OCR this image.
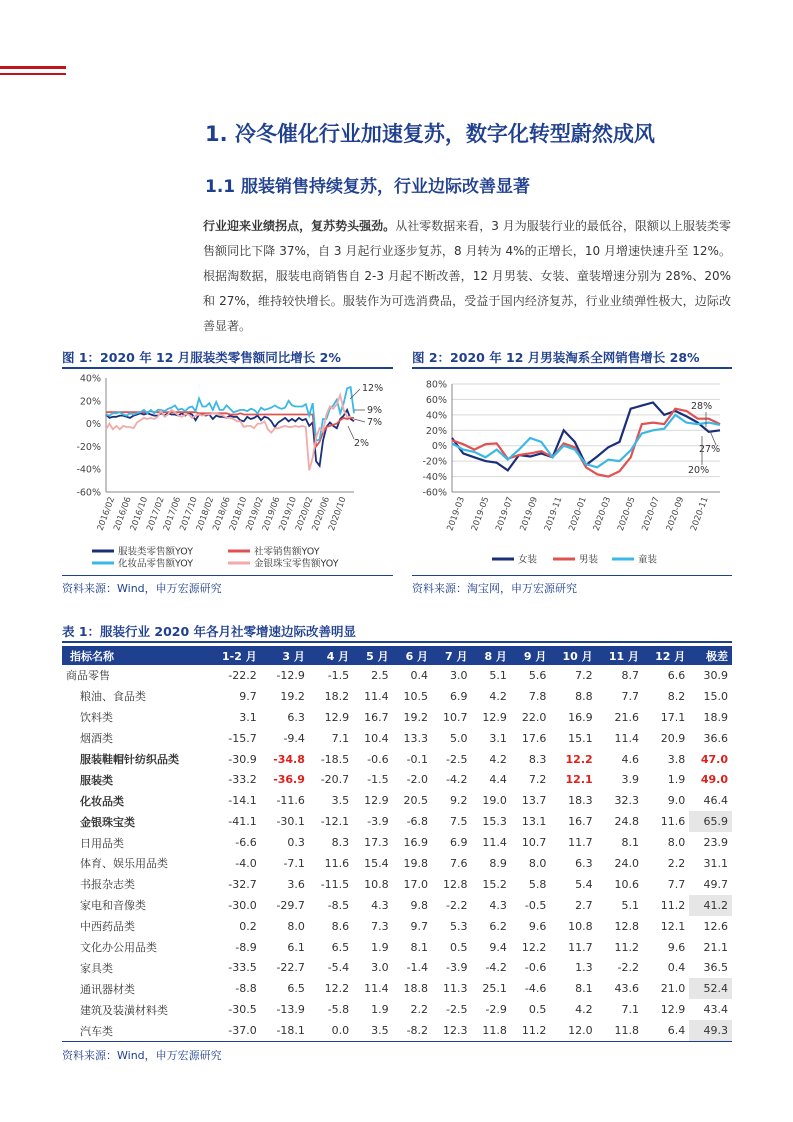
1. 冷冬催化行业加速复苏，数字化转型蔚然成风
1.1 服装销售持续复苏，行业边际改善显著
行业迎来业绩拐点，复苏势头强劲。从社零数据来看，3 月为服装行业的最低谷，限额以上服装类零售额同比下降 37%，自 3 月起行业逐步复苏，8 月转为 4%的正增长，10 月增速快速升至 12%。根据淘数据，服装电商销售自 2-3 月起不断改善，12 月男装、女装、童装增速分别为 28%、20%和 27%，维持较快增长。服装作为可选消费品，受益于国内经济复苏，行业业绩弹性极大，边际改善显著。
图 1：2020 年 12 月服装类零售额同比增长 2%
40%
20%
0%
-20%
-40%
-60%
2016/02
2016/06
2016/10
2017/02
2017/06
2017/10
2018/02
2018/06
2018/10
2019/02
2019/06
2019/10
2020/02
2020/06
2020/10
12%
9%
7%
2%
服装类零售额YOY	社零销售额YOY
化妆品零售额YOY	金银珠宝零售额YOY
资料来源：Wind，申万宏源研究
图 2：2020 年 12 月男装淘系全网销售增长 28%
80%
60%
40%
20%
0%
-20%
-40%
-60%
2019-03 2019-05 2019-07 2019-09 2019-11 2020-01 2020-03 2020-05 2020-07 2020-09 2020-11
28%
27%
20%
女装	男装	童装
资料来源：淘宝网，申万宏源研究
表 1：服装行业 2020 年各月社零增速边际改善明显
指标名称	1-2 月	3 月	4 月	5 月	6 月	7 月	8 月	9 月	10 月	11 月	12 月	极差
商品零售	-22.2	-12.9	-1.5	2.5	0.4	3.0	5.1	5.6	7.2	8.7	6.6	30.9
粮油、食品类	9.7	19.2	18.2	11.4	10.5	6.9	4.2	7.8	8.8	7.7	8.2	15.0
饮料类	3.1	6.3	12.9	16.7	19.2	10.7	12.9	22.0	16.9	21.6	17.1	18.9
烟酒类	-15.7	-9.4	7.1	10.4	13.3	5.0	3.1	17.6	15.1	11.4	20.9	36.6
服装鞋帽针纺织品类	-30.9	-34.8	-18.5	-0.6	-0.1	-2.5	4.2	8.3	12.2	4.6	3.8	47.0
服装类	-33.2	-36.9	-20.7	-1.5	-2.0	-4.2	4.4	7.2	12.1	3.9	1.9	49.0
化妆品类	-14.1	-11.6	3.5	12.9	20.5	9.2	19.0	13.7	18.3	32.3	9.0	46.4
金银珠宝类	-41.1	-30.1	-12.1	-3.9	-6.8	7.5	15.3	13.1	16.7	24.8	11.6	65.9
日用品类	-6.6	0.3	8.3	17.3	16.9	6.9	11.4	10.7	11.7	8.1	8.0	23.9
体育、娱乐用品类	-4.0	-7.1	11.6	15.4	19.8	7.6	8.9	8.0	6.3	24.0	2.2	31.1
书报杂志类	-32.7	3.6	-11.5	10.8	17.0	12.8	15.2	5.8	5.4	10.6	7.7	49.7
家电和音像类	-30.0	-29.7	-8.5	4.3	9.8	-2.2	4.3	-0.5	2.7	5.1	11.2	41.2
中西药品类	0.2	8.0	8.6	7.3	9.7	5.3	6.2	9.6	10.8	12.8	12.1	12.6
文化办公用品类	-8.9	6.1	6.5	1.9	8.1	0.5	9.4	12.2	11.7	11.2	9.6	21.1
家具类	-33.5	-22.7	-5.4	3.0	-1.4	-3.9	-4.2	-0.6	1.3	-2.2	0.4	36.5
通讯器材类	-8.8	6.5	12.2	11.4	18.8	11.3	25.1	-4.6	8.1	43.6	21.0	52.4
建筑及装潢材料类	-30.5	-13.9	-5.8	1.9	2.2	-2.5	-2.9	0.5	4.2	7.1	12.9	43.4
汽车类	-37.0	-18.1	0.0	3.5	-8.2	12.3	11.8	11.2	12.0	11.8	6.4	49.3
资料来源：Wind，申万宏源研究
